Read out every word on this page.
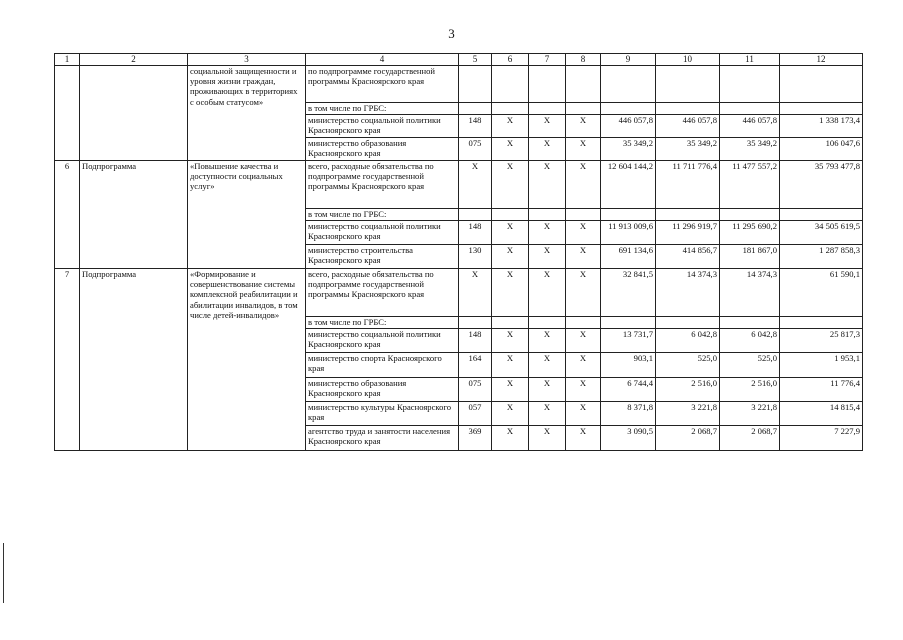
3
1	2	3	4	5	6	7	8	9	10	11	12
		социальной защищенности и уровня жизни граждан, проживающих в территориях с особым статусом»	по подпрограмме государственной программы Красноярского края								
			в том числе по ГРБС:								
			министерство социальной политики Красноярского края	148	X	X	X	446 057,8	446 057,8	446 057,8	1 338 173,4
			министерство образования Красноярского края	075	X	X	X	35 349,2	35 349,2	35 349,2	106 047,6
6	Подпрограмма	«Повышение качества и доступности социальных услуг»	всего, расходные обязательства по подпрограмме государственной программы Красноярского края	X	X	X	X	12 604 144,2	11 711 776,4	11 477 557,2	35 793 477,8
			в том числе по ГРБС:								
			министерство социальной политики Красноярского края	148	X	X	X	11 913 009,6	11 296 919,7	11 295 690,2	34 505 619,5
			министерство строительства Красноярского края	130	X	X	X	691 134,6	414 856,7	181 867,0	1 287 858,3
7	Подпрограмма	«Формирование и совершенствование системы комплексной реабилитации и абилитации инвалидов, в том числе детей-инвалидов»	всего, расходные обязательства по подпрограмме государственной программы Красноярского края	X	X	X	X	32 841,5	14 374,3	14 374,3	61 590,1
			в том числе по ГРБС:								
			министерство социальной политики Красноярского края	148	X	X	X	13 731,7	6 042,8	6 042,8	25 817,3
			министерство спорта Красноярского края	164	X	X	X	903,1	525,0	525,0	1 953,1
			министерство образования Красноярского края	075	X	X	X	6 744,4	2 516,0	2 516,0	11 776,4
			министерство культуры Красноярского края	057	X	X	X	8 371,8	3 221,8	3 221,8	14 815,4
			агентство труда и занятости населения Красноярского края	369	X	X	X	3 090,5	2 068,7	2 068,7	7 227,9
